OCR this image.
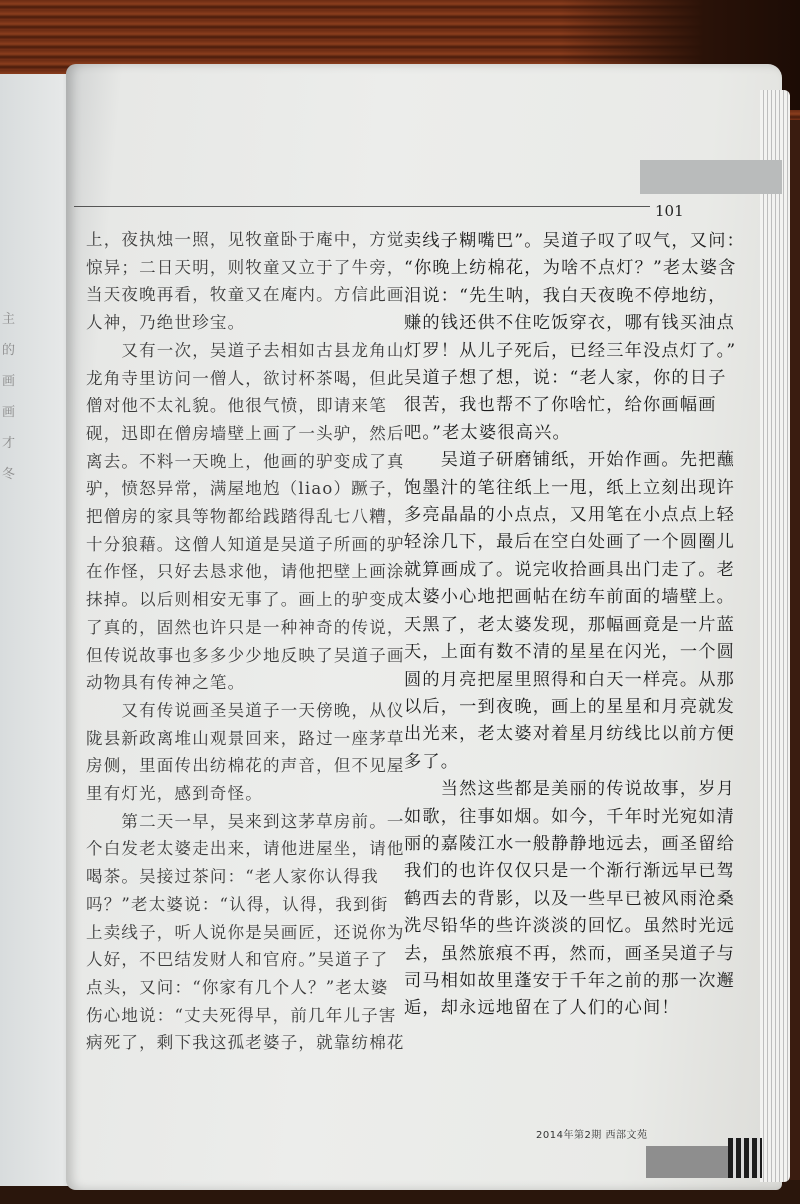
主
的
画
画
才
冬
101

上，夜执烛一照，见牧童卧于庵中，方觉

惊异；二日天明，则牧童又立于了牛旁，

当天夜晚再看，牧童又在庵内。方信此画

人神，乃绝世珍宝。

　　又有一次，吴道子去相如古县龙角山

龙角寺里访问一僧人，欲讨杯茶喝，但此

僧对他不太礼貌。他很气愤，即请来笔

砚，迅即在僧房墙壁上画了一头驴，然后

离去。不料一天晚上，他画的驴变成了真

驴，愤怒异常，满屋地尥（liao）蹶子，

把僧房的家具等物都给践踏得乱七八糟，

十分狼藉。这僧人知道是吴道子所画的驴

在作怪，只好去恳求他，请他把壁上画涂

抹掉。以后则相安无事了。画上的驴变成

了真的，固然也许只是一种神奇的传说，

但传说故事也多多少少地反映了吴道子画

动物具有传神之笔。

　　又有传说画圣吴道子一天傍晚，从仪

陇县新政离堆山观景回来，路过一座茅草

房侧，里面传出纺棉花的声音，但不见屋

里有灯光，感到奇怪。

　　第二天一早，吴来到这茅草房前。一

个白发老太婆走出来，请他进屋坐，请他

喝茶。吴接过茶问：“老人家你认得我

吗？”老太婆说：“认得，认得，我到街

上卖线子，听人说你是吴画匠，还说你为

人好，不巴结发财人和官府。”吴道子了

点头，又问：“你家有几个人？”老太婆

伤心地说：“丈夫死得早，前几年儿子害

病死了，剩下我这孤老婆子，就靠纺棉花

卖线子糊嘴巴”。吴道子叹了叹气，又问：

“你晚上纺棉花，为啥不点灯？”老太婆含

泪说：“先生呐，我白天夜晚不停地纺，

赚的钱还供不住吃饭穿衣，哪有钱买油点

灯罗！从儿子死后，已经三年没点灯了。”

吴道子想了想，说：“老人家，你的日子

很苦，我也帮不了你啥忙，给你画幅画

吧。”老太婆很高兴。

　　吴道子研磨铺纸，开始作画。先把蘸

饱墨汁的笔往纸上一甩，纸上立刻出现许

多亮晶晶的小点点，又用笔在小点点上轻

轻涂几下，最后在空白处画了一个圆圈儿

就算画成了。说完收拾画具出门走了。老

太婆小心地把画帖在纺车前面的墙壁上。

天黑了，老太婆发现，那幅画竟是一片蓝

天，上面有数不清的星星在闪光，一个圆

圆的月亮把屋里照得和白天一样亮。从那

以后，一到夜晚，画上的星星和月亮就发

出光来，老太婆对着星月纺线比以前方便

多了。

　　当然这些都是美丽的传说故事，岁月

如歌，往事如烟。如今，千年时光宛如清

丽的嘉陵江水一般静静地远去，画圣留给

我们的也许仅仅只是一个渐行渐远早已驾

鹤西去的背影，以及一些早已被风雨沧桑

洗尽铅华的些许淡淡的回忆。虽然时光远

去，虽然旅痕不再，然而，画圣吴道子与

司马相如故里蓬安于千年之前的那一次邂

逅，却永远地留在了人们的心间！

2014年第2期 西部文苑
